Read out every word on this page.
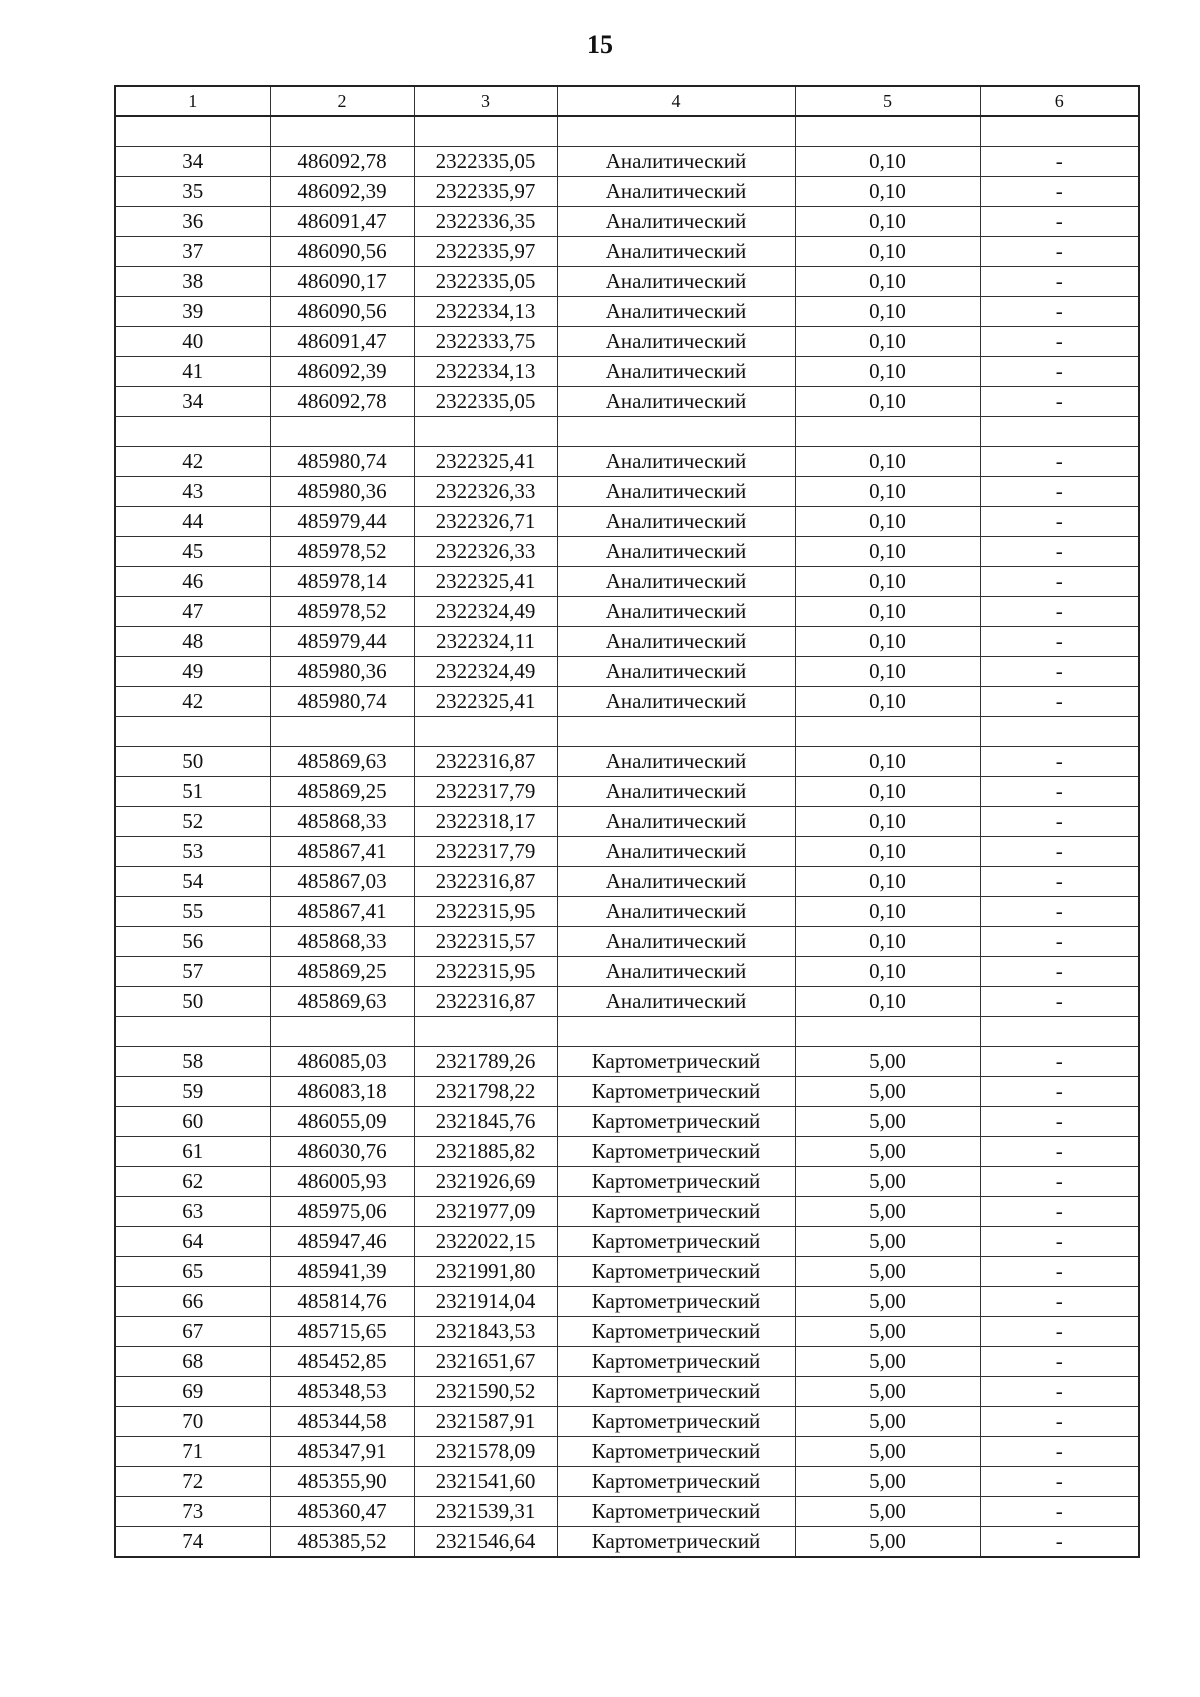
15
1	2	3	4	5	6

34	486092,78	2322335,05	Аналитический	0,10	-
35	486092,39	2322335,97	Аналитический	0,10	-
36	486091,47	2322336,35	Аналитический	0,10	-
37	486090,56	2322335,97	Аналитический	0,10	-
38	486090,17	2322335,05	Аналитический	0,10	-
39	486090,56	2322334,13	Аналитический	0,10	-
40	486091,47	2322333,75	Аналитический	0,10	-
41	486092,39	2322334,13	Аналитический	0,10	-
34	486092,78	2322335,05	Аналитический	0,10	-

42	485980,74	2322325,41	Аналитический	0,10	-
43	485980,36	2322326,33	Аналитический	0,10	-
44	485979,44	2322326,71	Аналитический	0,10	-
45	485978,52	2322326,33	Аналитический	0,10	-
46	485978,14	2322325,41	Аналитический	0,10	-
47	485978,52	2322324,49	Аналитический	0,10	-
48	485979,44	2322324,11	Аналитический	0,10	-
49	485980,36	2322324,49	Аналитический	0,10	-
42	485980,74	2322325,41	Аналитический	0,10	-

50	485869,63	2322316,87	Аналитический	0,10	-
51	485869,25	2322317,79	Аналитический	0,10	-
52	485868,33	2322318,17	Аналитический	0,10	-
53	485867,41	2322317,79	Аналитический	0,10	-
54	485867,03	2322316,87	Аналитический	0,10	-
55	485867,41	2322315,95	Аналитический	0,10	-
56	485868,33	2322315,57	Аналитический	0,10	-
57	485869,25	2322315,95	Аналитический	0,10	-
50	485869,63	2322316,87	Аналитический	0,10	-

58	486085,03	2321789,26	Картометрический	5,00	-
59	486083,18	2321798,22	Картометрический	5,00	-
60	486055,09	2321845,76	Картометрический	5,00	-
61	486030,76	2321885,82	Картометрический	5,00	-
62	486005,93	2321926,69	Картометрический	5,00	-
63	485975,06	2321977,09	Картометрический	5,00	-
64	485947,46	2322022,15	Картометрический	5,00	-
65	485941,39	2321991,80	Картометрический	5,00	-
66	485814,76	2321914,04	Картометрический	5,00	-
67	485715,65	2321843,53	Картометрический	5,00	-
68	485452,85	2321651,67	Картометрический	5,00	-
69	485348,53	2321590,52	Картометрический	5,00	-
70	485344,58	2321587,91	Картометрический	5,00	-
71	485347,91	2321578,09	Картометрический	5,00	-
72	485355,90	2321541,60	Картометрический	5,00	-
73	485360,47	2321539,31	Картометрический	5,00	-
74	485385,52	2321546,64	Картометрический	5,00	-
